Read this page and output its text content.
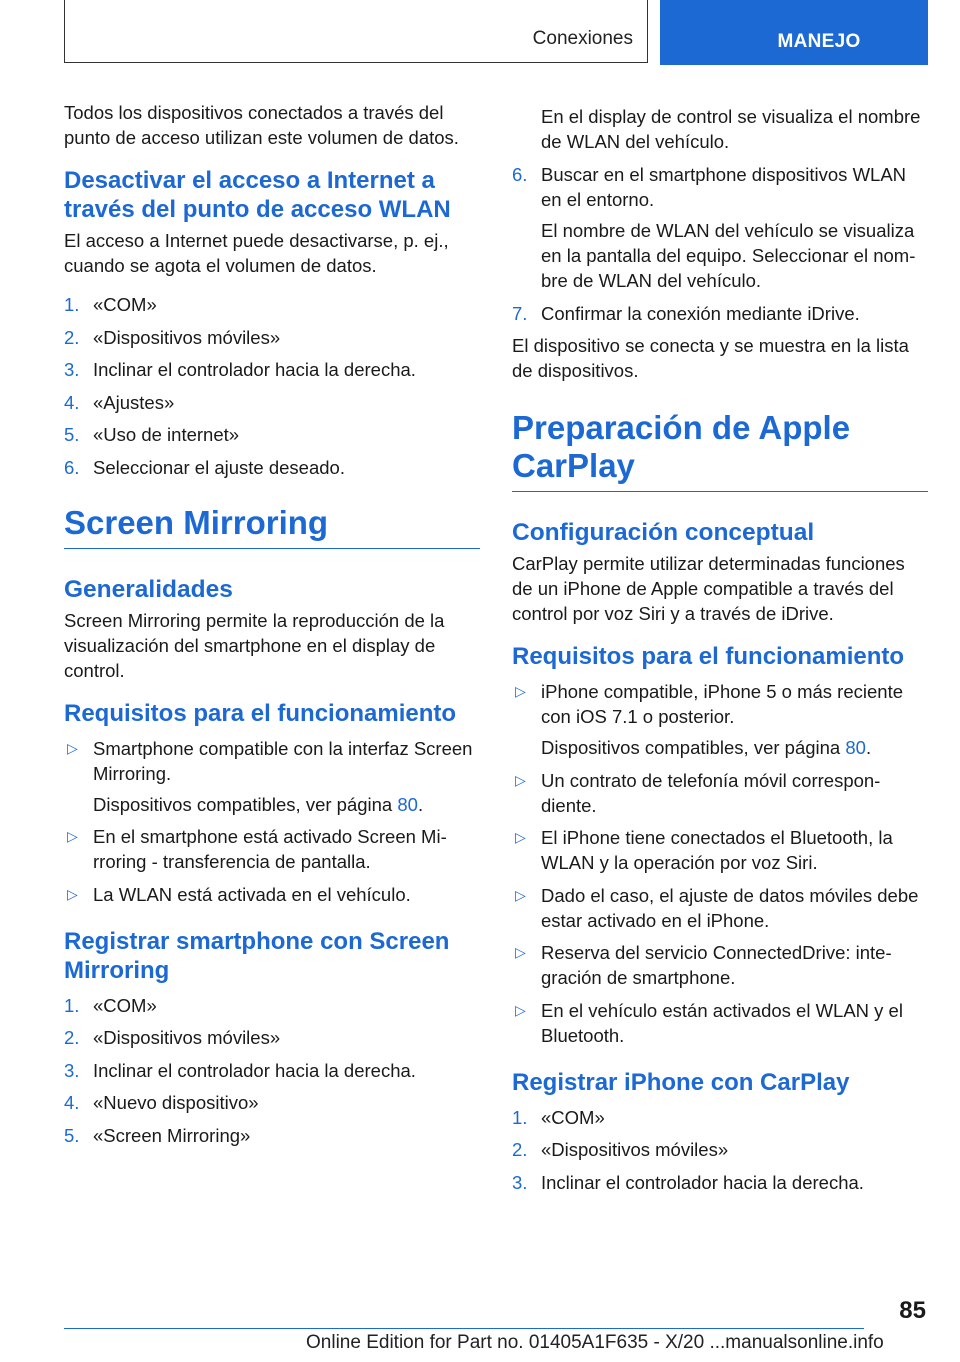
Conexiones	MANEJO

Todos los dispositivos conectados a través del punto de acceso utilizan este volumen de datos.

Desactivar el acceso a Internet a través del punto de acceso WLAN

El acceso a Internet puede desactivarse, p. ej., cuando se agota el volumen de datos.

1. «COM»
2. «Dispositivos móviles»
3. Inclinar el controlador hacia la derecha.
4. «Ajustes»
5. «Uso de internet»
6. Seleccionar el ajuste deseado.
Screen Mirroring
Generalidades

Screen Mirroring permite la reproducción de la visualización del smartphone en el display de control.

Requisitos para el funcionamiento
▷ Smartphone compatible con la interfaz Screen Mirroring.
Dispositivos compatibles, ver página 80.
▷ En el smartphone está activado Screen Mi‐rroring - transferencia de pantalla.
▷ La WLAN está activada en el vehículo.
Registrar smartphone con Screen Mirroring
1. «COM»
2. «Dispositivos móviles»
3. Inclinar el controlador hacia la derecha.
4. «Nuevo dispositivo»
5. «Screen Mirroring»

En el display de control se visualiza el nombre de WLAN del vehículo.

6. Buscar en el smartphone dispositivos WLAN en el entorno.
El nombre de WLAN del vehículo se visualiza en la pantalla del equipo. Seleccionar el nom‐bre de WLAN del vehículo.
7. Confirmar la conexión mediante iDrive.

El dispositivo se conecta y se muestra en la lista de dispositivos.

Preparación de Apple CarPlay
Configuración conceptual

CarPlay permite utilizar determinadas funciones de un iPhone de Apple compatible a través del control por voz Siri y a través de iDrive.

Requisitos para el funcionamiento
▷ iPhone compatible, iPhone 5 o más reciente con iOS 7.1 o posterior.
Dispositivos compatibles, ver página 80.
▷ Un contrato de telefonía móvil correspon‐diente.
▷ El iPhone tiene conectados el Bluetooth, la WLAN y la operación por voz Siri.
▷ Dado el caso, el ajuste de datos móviles debe estar activado en el iPhone.
▷ Reserva del servicio ConnectedDrive: inte‐gración de smartphone.
▷ En el vehículo están activados el WLAN y el Bluetooth.
Registrar iPhone con CarPlay
1. «COM»
2. «Dispositivos móviles»
3. Inclinar el controlador hacia la derecha.
85
Online Edition for Part no. 01405A1F635 - X/20 ...manualsonline.info
